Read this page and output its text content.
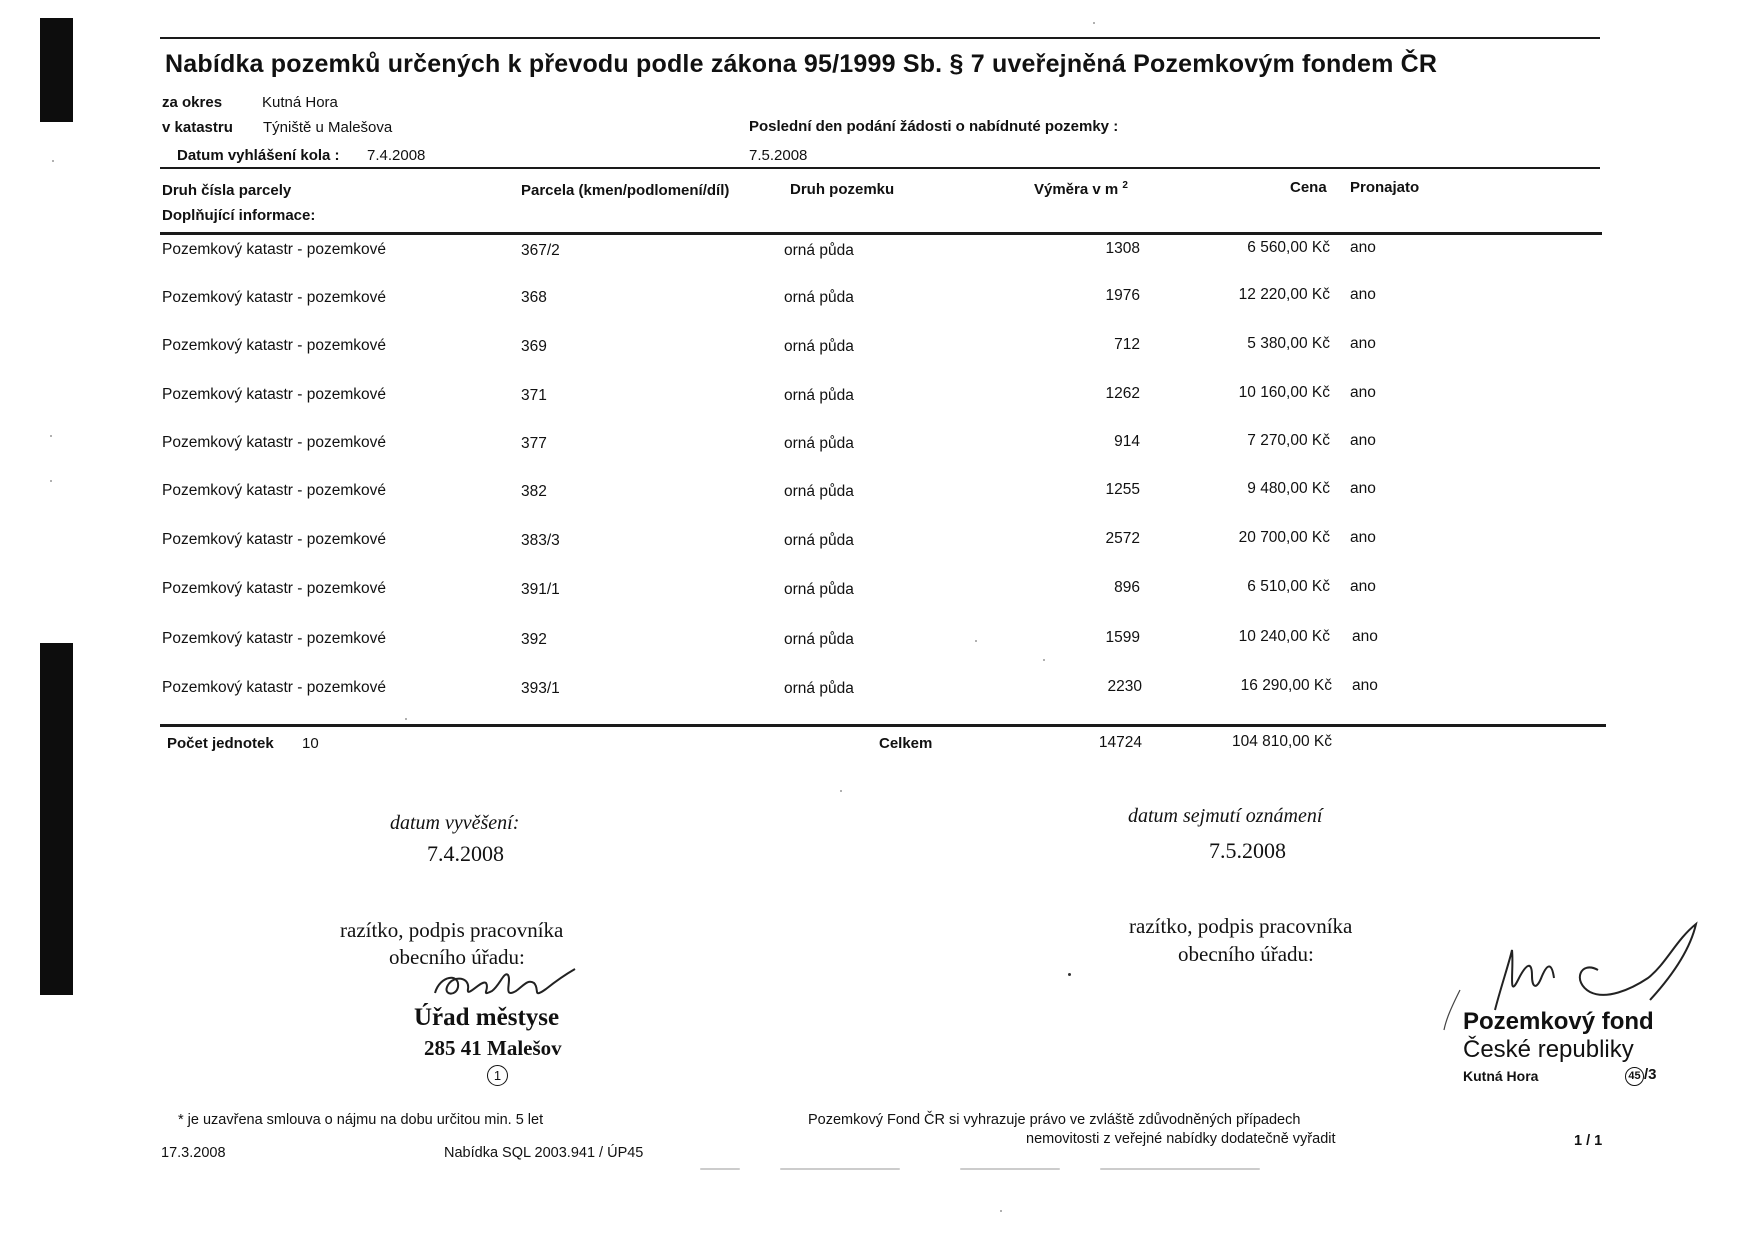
Nabídka pozemků určených k převodu podle zákona 95/1999 Sb. § 7 uveřejněná Pozemkovým fondem ČR
za okres	Kutná Hora
v katastru Týniště u Malešova
Datum vyhlášení kola : 7.4.2008
Poslední den podání žádosti o nabídnuté pozemky :
7.5.2008
Druh čísla parcely
Doplňující informace:
Parcela (kmen/podlomení/díl)	Druh pozemku	Výměra v m $^2$	Cena Pronajato
Pozemkový katastr - pozemkové	367/2	orná půda	1308	6 560,00 Kč ano
Pozemkový katastr - pozemkové	368	orná půda	1976	12 220,00 Kč ano
Pozemkový katastr - pozemkové	369	orná půda	712	5 380,00 Kč ano
Pozemkový katastr - pozemkové	371	orná půda	1262	10 160,00 Kč ano
Pozemkový katastr - pozemkové	377	orná půda	914	7 270,00 Kč ano
Pozemkový katastr - pozemkové	382	orná půda	1255	9 480,00 Kč ano
Pozemkový katastr - pozemkové	383/3	orná půda	2572	20 700,00 Kč ano
Pozemkový katastr - pozemkové	391/1	orná půda	896	6 510,00 Kč ano
Pozemkový katastr - pozemkové	392	orná půda	1599	10 240,00 Kč ano
Pozemkový katastr - pozemkové	393/1	orná půda	2230	16 290,00 Kč ano
Počet jednotek 10	Celkem	14724	104 810,00 Kč
datum vyvěšení:
7.4.2008
datum sejmutí oznámení
7.5.2008
razítko, podpis pracovníka
obecního úřadu:
razítko, podpis pracovníka
obecního úřadu:
Úřad městyse
285 41 Malešov
1
Pozemkový fond
České republiky
Kutná Hora	45 /3
* je uzavřena smlouva o nájmu na dobu určitou min. 5 let	Pozemkový Fond ČR si vyhrazuje právo ve zvláště zdůvodněných případech
nemovitosti z veřejné nabídky dodatečně vyřadit
17.3.2008	Nabídka SQL 2003.941 / ÚP45
1 / 1
